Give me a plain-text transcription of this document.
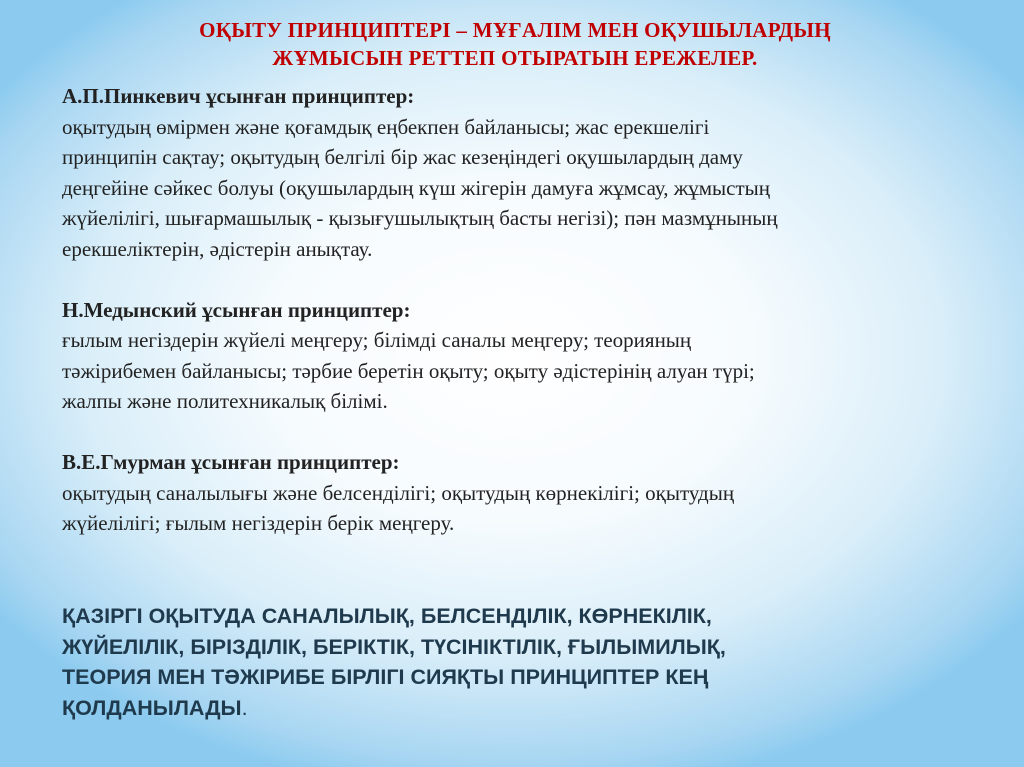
ОҚЫТУ ПРИНЦИПТЕРІ – МҰҒАЛІМ МЕН ОҚУШЫЛАРДЫҢ
ЖҰМЫСЫН РЕТТЕП ОТЫРАТЫН ЕРЕЖЕЛЕР.

А.П.Пинкевич ұсынған принциптер:

оқытудың өмірмен және қоғамдық еңбекпен байланысы; жас ерекшелігі
принципін сақтау; оқытудың белгілі бір жас кезеңіндегі оқушылардың даму
деңгейіне сәйкес болуы (оқушылардың күш жігерін дамуға жұмсау, жұмыстың
жүйелілігі, шығармашылық - қызығушылықтың басты негізі); пән мазмұнының
ерекшеліктерін, әдістерін анықтау.

Н.Медынский ұсынған принциптер:

ғылым негіздерін жүйелі меңгеру; білімді саналы меңгеру; теорияның
тәжірибемен байланысы; тәрбие беретін оқыту; оқыту әдістерінің алуан түрі;
жалпы және политехникалық білімі.

В.Е.Гмурман ұсынған принциптер:

оқытудың саналылығы және белсенділігі; оқытудың көрнекілігі; оқытудың
жүйелілігі; ғылым негіздерін берік меңгеру.

ҚАЗІРГІ ОҚЫТУДА САНАЛЫЛЫҚ, БЕЛСЕНДІЛІК, КӨРНЕКІЛІК,
ЖҮЙЕЛІЛІК, БІРІЗДІЛІК, БЕРІКТІК, ТҮСІНІКТІЛІК, ҒЫЛЫМИЛЫҚ,
ТЕОРИЯ МЕН ТӘЖІРИБЕ БІРЛІГІ СИЯҚТЫ ПРИНЦИПТЕР КЕҢ
ҚОЛДАНЫЛАДЫ.
